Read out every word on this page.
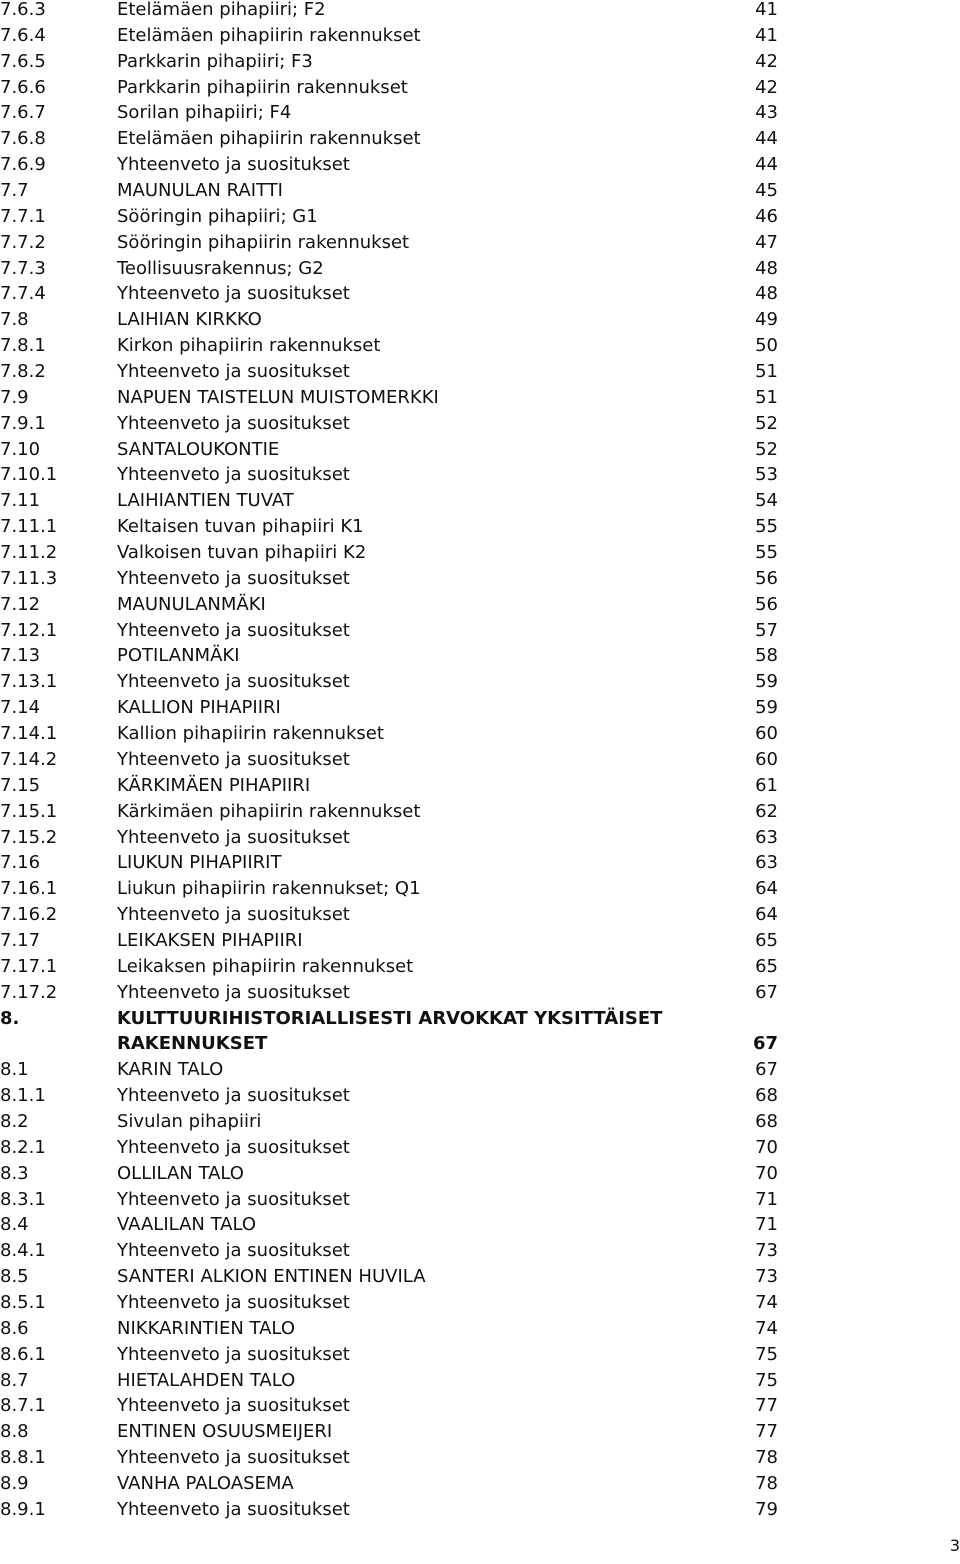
7.6.3	Etelämäen pihapiiri; F2	41
7.6.4	Etelämäen pihapiirin rakennukset	41
7.6.5	Parkkarin pihapiiri; F3	42
7.6.6	Parkkarin pihapiirin rakennukset	42
7.6.7	Sorilan pihapiiri; F4	43
7.6.8	Etelämäen pihapiirin rakennukset	44
7.6.9	Yhteenveto ja suositukset	44
7.7	MAUNULAN RAITTI	45
7.7.1	Sööringin pihapiiri; G1	46
7.7.2	Sööringin pihapiirin rakennukset	47
7.7.3	Teollisuusrakennus; G2	48
7.7.4	Yhteenveto ja suositukset	48
7.8	LAIHIAN KIRKKO	49
7.8.1	Kirkon pihapiirin rakennukset	50
7.8.2	Yhteenveto ja suositukset	51
7.9	NAPUEN TAISTELUN MUISTOMERKKI	51
7.9.1	Yhteenveto ja suositukset	52
7.10	SANTALOUKONTIE	52
7.10.1	Yhteenveto ja suositukset	53
7.11	LAIHIANTIEN TUVAT	54
7.11.1	Keltaisen tuvan pihapiiri K1	55
7.11.2	Valkoisen tuvan pihapiiri K2	55
7.11.3	Yhteenveto ja suositukset	56
7.12	MAUNULANMÄKI	56
7.12.1	Yhteenveto ja suositukset	57
7.13	POTILANMÄKI	58
7.13.1	Yhteenveto ja suositukset	59
7.14	KALLION PIHAPIIRI	59
7.14.1	Kallion pihapiirin rakennukset	60
7.14.2	Yhteenveto ja suositukset	60
7.15	KÄRKIMÄEN PIHAPIIRI	61
7.15.1	Kärkimäen pihapiirin rakennukset	62
7.15.2	Yhteenveto ja suositukset	63
7.16	LIUKUN PIHAPIIRIT	63
7.16.1	Liukun pihapiirin rakennukset; Q1	64
7.16.2	Yhteenveto ja suositukset	64
7.17	LEIKAKSEN PIHAPIIRI	65
7.17.1	Leikaksen pihapiirin rakennukset	65
7.17.2	Yhteenveto ja suositukset	67
8.	KULTTUURIHISTORIALLISESTI ARVOKKAT YKSITTÄISET
RAKENNUKSET	67
8.1	KARIN TALO	67
8.1.1	Yhteenveto ja suositukset	68
8.2	Sivulan pihapiiri	68
8.2.1	Yhteenveto ja suositukset	70
8.3	OLLILAN TALO	70
8.3.1	Yhteenveto ja suositukset	71
8.4	VAALILAN TALO	71
8.4.1	Yhteenveto ja suositukset	73
8.5	SANTERI ALKION ENTINEN HUVILA	73
8.5.1	Yhteenveto ja suositukset	74
8.6	NIKKARINTIEN TALO	74
8.6.1	Yhteenveto ja suositukset	75
8.7	HIETALAHDEN TALO	75
8.7.1	Yhteenveto ja suositukset	77
8.8	ENTINEN OSUUSMEIJERI	77
8.8.1	Yhteenveto ja suositukset	78
8.9	VANHA PALOASEMA	78
8.9.1	Yhteenveto ja suositukset	79
3
